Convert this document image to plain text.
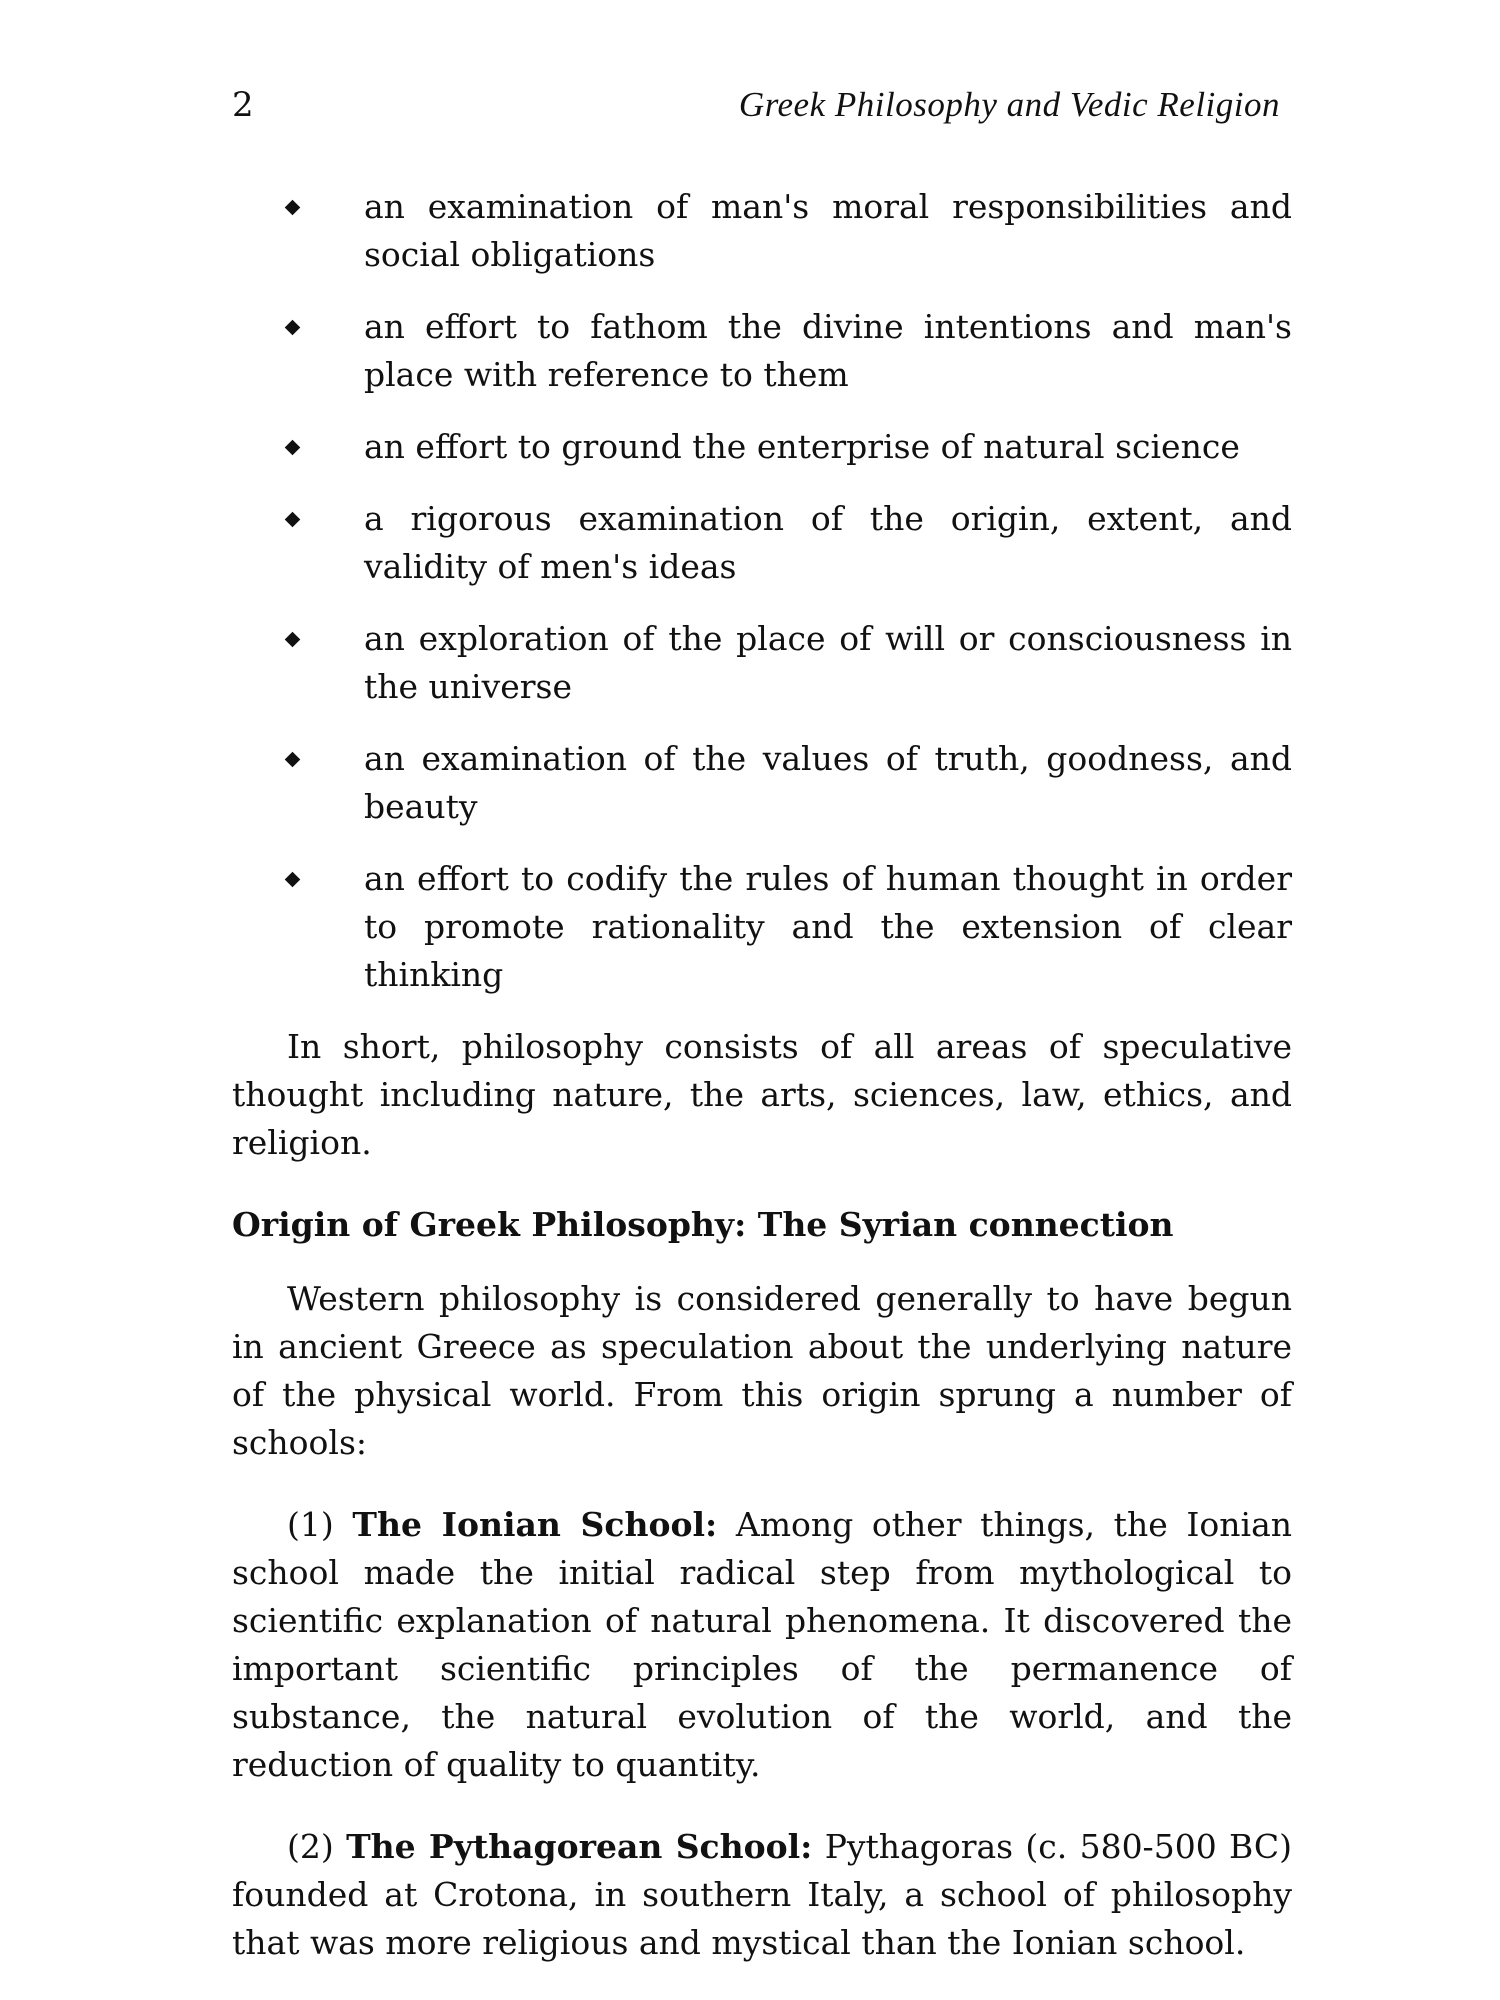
2	Greek Philosophy and Vedic Religion
an examination of man's moral responsibilities and social obligations
an effort to fathom the divine intentions and man's place with reference to them
an effort to ground the enterprise of natural science
a rigorous examination of the origin, extent, and validity of men's ideas
an exploration of the place of will or consciousness in the universe
an examination of the values of truth, goodness, and beauty
an effort to codify the rules of human thought in order to promote rationality and the extension of clear thinking

In short, philosophy consists of all areas of speculative thought including nature, the arts, sciences, law, ethics, and religion.

Origin of Greek Philosophy: The Syrian connection

Western philosophy is considered generally to have begun in ancient Greece as speculation about the underlying nature of the physical world. From this origin sprung a number of schools:

(1) The Ionian School: Among other things, the Ionian school made the initial radical step from mythological to scientific explanation of natural phenomena. It discovered the important scientific principles of the permanence of substance, the natural evolution of the world, and the reduction of quality to quantity.

(2) The Pythagorean School: Pythagoras (c. 580-500 BC) founded at Crotona, in southern Italy, a school of philosophy that was more religious and mystical than the Ionian school.
